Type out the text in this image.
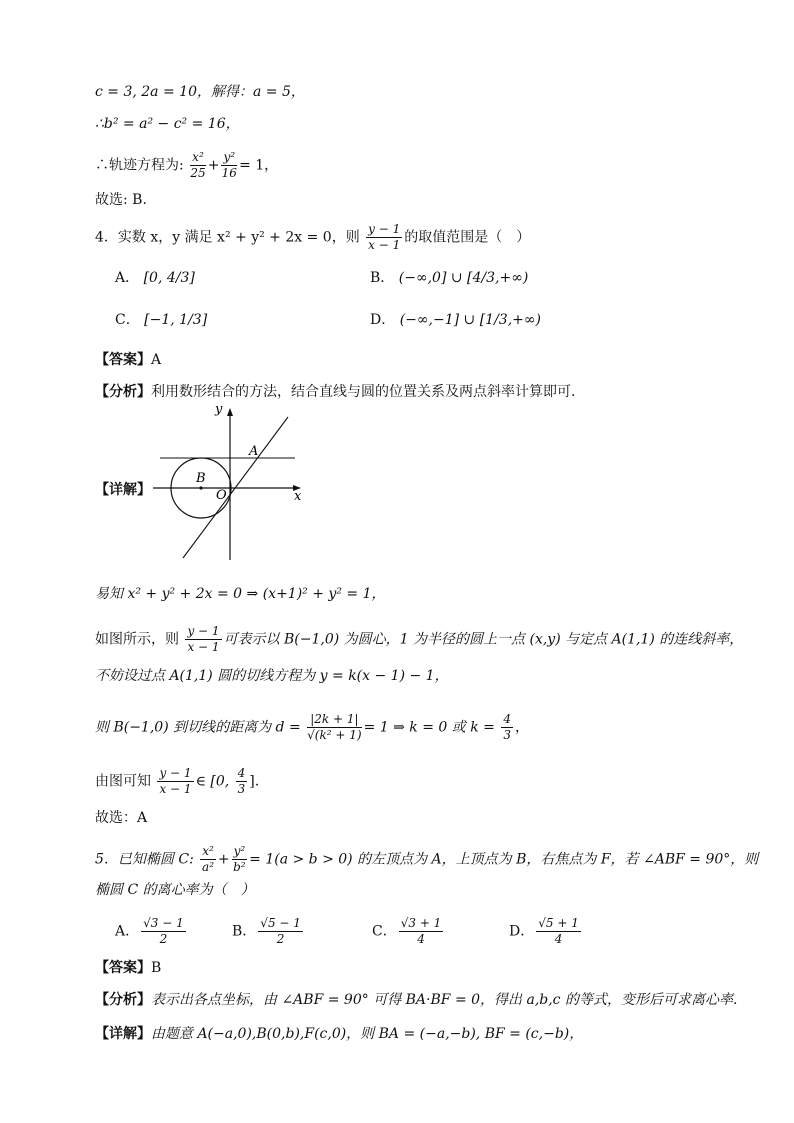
c = 3, 2a = 10，解得：a = 5，
∴b² = a² − c² = 16，
∴轨迹方程为: $\frac{\text{x²}}{25} + \frac{\text{y²}}{16} = 1$，
故选: B.
4．实数 x，y 满足 x² + y² + 2x = 0，则 $\frac{y - 1}{x - 1}$ 的取值范围是（　）
A． [0, 4/3]	B． (−∞,0] ∪ [4/3,+∞)
C． [−1, 1/3]	D． (−∞,−1] ∪ [1/3,+∞)
【答案】A
【分析】利用数形结合的方法，结合直线与圆的位置关系及两点斜率计算即可.
【详解】
y
x
O
A
B
易知 x² + y² + 2x = 0 ⇒ (x+1)² + y² = 1，
如图所示，则 $\frac{y - 1}{x - 1}$ 可表示以 B(−1,0) 为圆心，1 为半径的圆上一点 (x,y) 与定点 A(1,1) 的连线斜率，
不妨设过点 A(1,1) 圆的切线方程为 y = k(x − 1) − 1，
则 B(−1,0) 到切线的距离为 $d = \frac{|2k + 1|}{\text{√(k² + 1)}} = 1$ ⇒ k = 0 或 $k = \frac{4}{3}$ ，
由图可知 $\frac{y - 1}{x - 1}$ ∈ [0, $\frac{4}{3}$ ].
故选：A
5．已知椭圆 C: $\frac{\text{x²}}{\text{a²}} + \frac{\text{y²}}{\text{b²}} = 1(a > b > 0)$ 的左顶点为 A，上顶点为 B，右焦点为 F，若 ∠ABF = 90°，则
椭圆 C 的离心率为（　）
A． $\frac{√3 - 1}{2}$	B． $\frac{√5 - 1}{2}$	C． $\frac{√3 + 1}{4}$	D． $\frac{√5 + 1}{4}$
【答案】B
【分析】表示出各点坐标，由 ∠ABF = 90° 可得 BA·BF = 0，得出 a,b,c 的等式，变形后可求离心率.
【详解】由题意 A(−a,0),B(0,b),F(c,0)，则 BA = (−a,−b), BF = (c,−b)，
